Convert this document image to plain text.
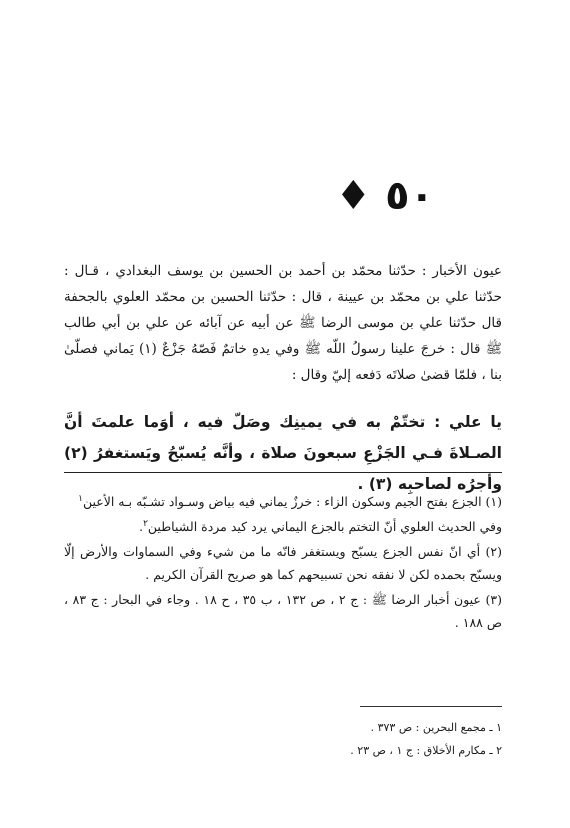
٥٠ ♦

عيون الأخبار : حدّثنا محمّد بن أحمد بن الحسين بن يوسف البغدادي ، قـال : حدّثنا علي بن محمّد بن عيينة ، قال : حدّثنا الحسين بن محمّد العلوي بالجحفة قال حدّثنا علي بن موسى الرضا ﷺ عن أبيه عن آبائه عن علي بن أبي طالب ﷺ قال : خرجَ علينا رسولُ اللّه ﷺ وفي يدهِ خاتمٌ فَصّهُ جَزْعٌ (١) يَماني فصلّىٰ بنا ، فلمّا قضىٰ صلاتَه دَفعه إليّ وقال :

يا علي : تختّمْ به في يمينِك وصَلّ فيه ، أوَما علمتَ أنَّ الصـلاةَ فـي الجَزْعِ سبعونَ صلاة ، وأنَّه يُسبّحُ ويَستغفرُ (٢) وأجرُه لصاحبِه (٣) .

(١) الجزع بفتح الجيم وسكون الزاء : خرزٌ يماني فيه بياض وسـواد تشـبّه بـه الأعين$^١$

وفي الحديث العلوي أنّ التختم بالجزع اليماني يرد كيد مردة الشياطين$^٢$.

(٢) أي انّ نفس الجزع يسبّح ويستغفر فانّه ما من شيء وفي السماوات والأرض إلّا ويسبّح بحمده لكن لا نفقه نحن تسبيحهم كما هو صريح القرآن الكريم .

(٣) عيون أخبار الرضا ﷺ : ج ٢ ، ص ١٣٢ ، ب ٣٥ ، ح ١٨ . وجاء في البحار : ج ٨٣ ، ص ١٨٨ .

١ ـ مجمع البحرين : ص ٣٧٣ .

٢ ـ مكارم الأخلاق : ج ١ ، ص ٢٣ .
